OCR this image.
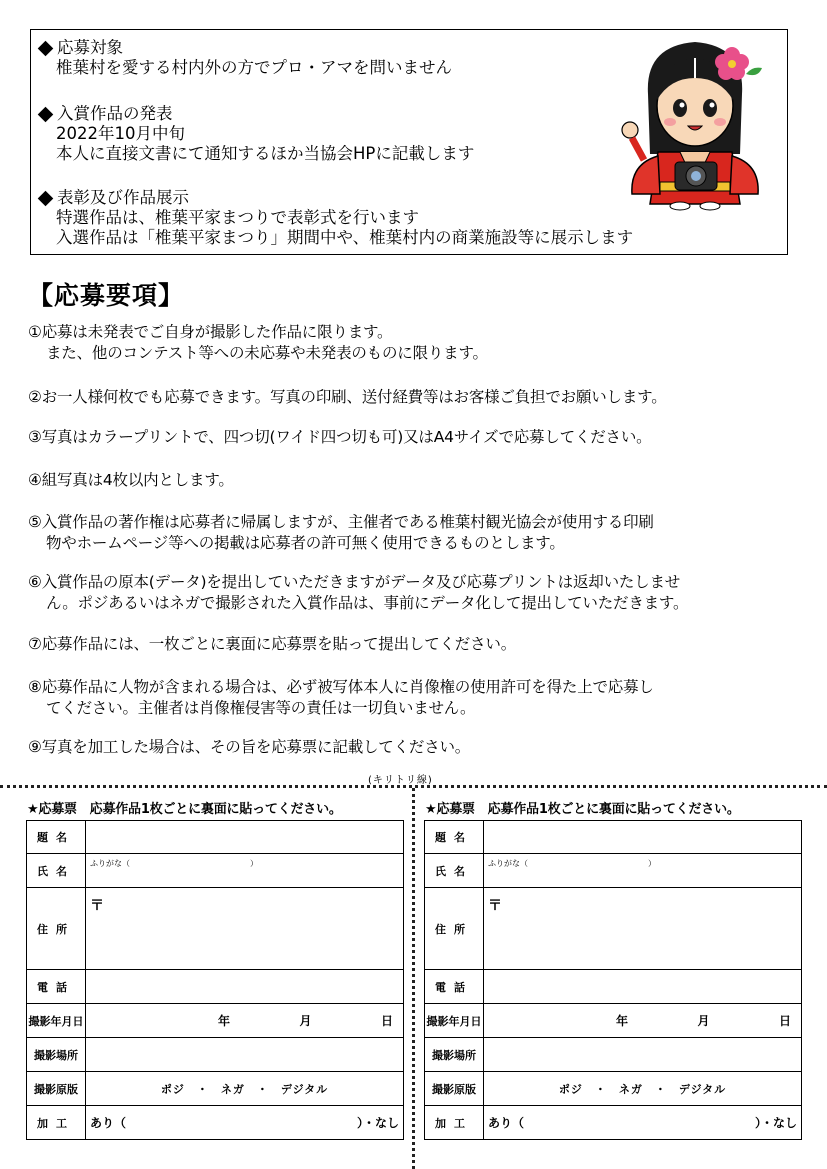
応募対象
椎葉村を愛する村内外の方でプロ・アマを問いません
入賞作品の発表
2022年10月中旬
本人に直接文書にて通知するほか当協会HPに記載します
表彰及び作品展示
特選作品は、椎葉平家まつりで表彰式を行います
入選作品は「椎葉平家まつり」期間中や、椎葉村内の商業施設等に展示します
【応募要項】
①応募は未発表でご自身が撮影した作品に限ります。
また、他のコンテスト等への未応募や未発表のものに限ります。
②お一人様何枚でも応募できます。写真の印刷、送付経費等はお客様ご負担でお願いします。
③写真はカラープリントで、四つ切(ワイド四つ切も可)又はA4サイズで応募してください。
④組写真は4枚以内とします。
⑤入賞作品の著作権は応募者に帰属しますが、主催者である椎葉村観光協会が使用する印刷
物やホームページ等への掲載は応募者の許可無く使用できるものとします。
⑥入賞作品の原本(データ)を提出していただきますがデータ及び応募プリントは返却いたしませ
ん。ポジあるいはネガで撮影された入賞作品は、事前にデータ化して提出していただきます。
⑦応募作品には、一枚ごとに裏面に応募票を貼って提出してください。
⑧応募作品に人物が含まれる場合は、必ず被写体本人に肖像権の使用許可を得た上で応募し
てください。主催者は肖像権侵害等の責任は一切負いません。
⑨写真を加工した場合は、その旨を応募票に記載してください。
(キリトリ線)
★応募票　応募作品1枚ごとに裏面に貼ってください。
題名	
氏名	$^{ふりがな( )}$
住所	〒
電話	
撮影年月日	年 月 日

撮影場所	
撮影原版	ポジ　・　ネガ　・　デジタル
加工	あり（ ）・なし
★応募票　応募作品1枚ごとに裏面に貼ってください。
題名	
氏名	$^{ふりがな( )}$
住所	〒
電話	
撮影年月日	年 月 日

撮影場所	
撮影原版	ポジ　・　ネガ　・　デジタル
加工	あり（ ）・なし
